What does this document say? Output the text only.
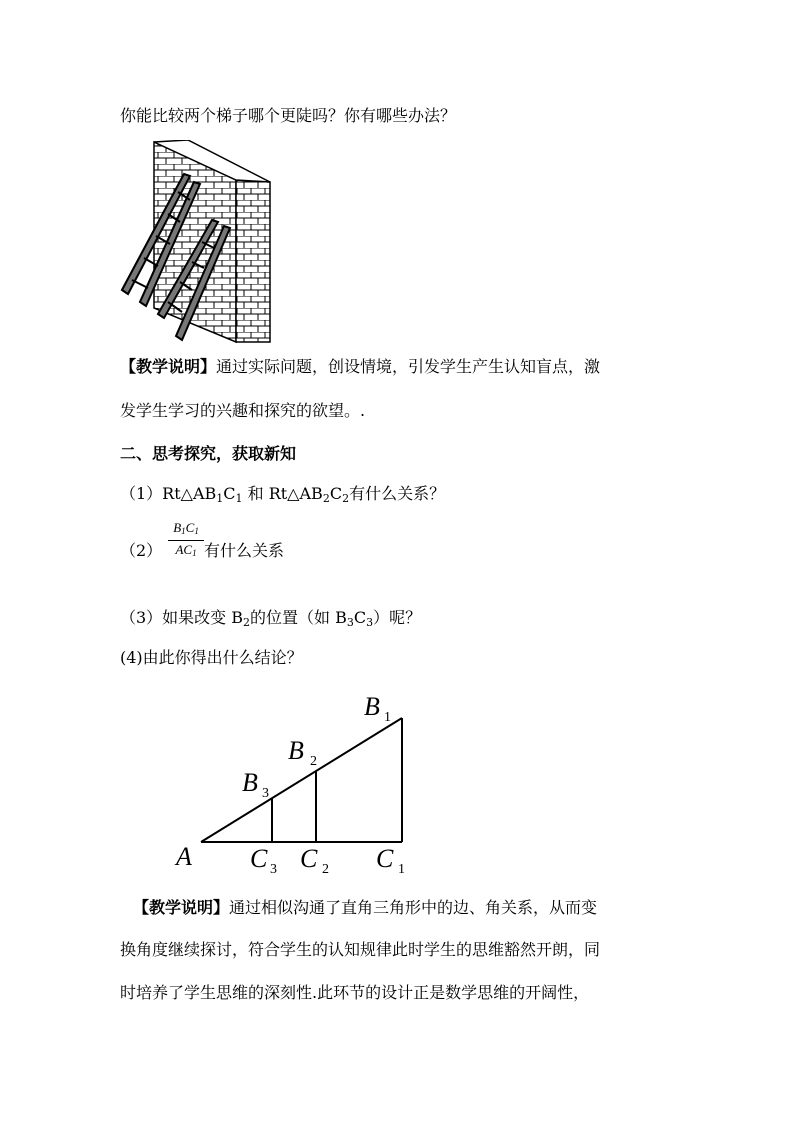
你能比较两个梯子哪个更陡吗？你有哪些办法？
【教学说明】通过实际问题，创设情境，引发学生产生认知盲点，激
发学生学习的兴趣和探究的欲望。.
二、思考探究，获取新知
$(1)Rt\triangle AB_1C_1$ 和 $Rt\triangle AB_2C_2$有什么关系？
$(2) \frac{B1C1}{AC1}$ 有什么关系
（3）如果改变 $B_2$的位置（如 $B_3C_3$）呢？
(4)由此你得出什么结论？
A
B
B
B
C C C
1
2
3
3	2	1
【教学说明】通过相似沟通了直角三角形中的边、角关系，从而变
换角度继续探讨，符合学生的认知规律此时学生的思维豁然开朗，同
时培养了学生思维的深刻性.此环节的设计正是数学思维的开阔性，
